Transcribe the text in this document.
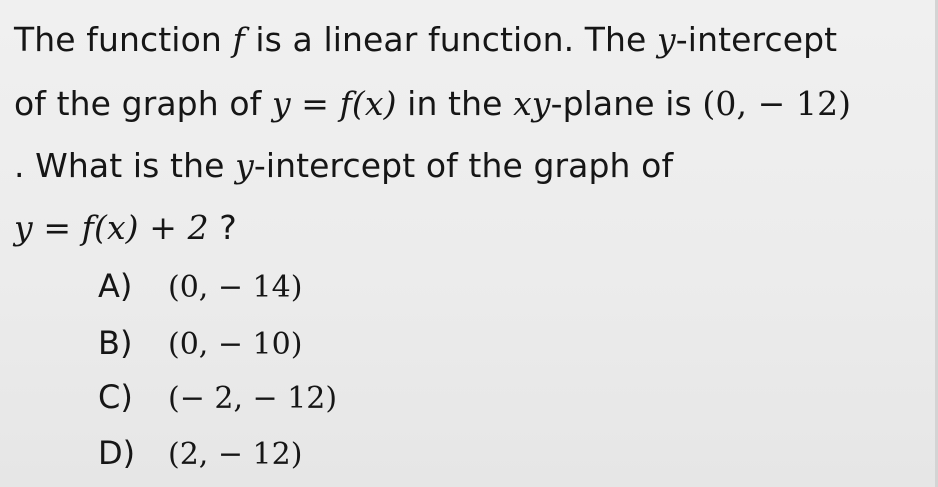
The function f is a linear function. The y-intercept
of the graph of y = f(x) in the xy-plane is (0, − 12)
. What is the y-intercept of the graph of
y = f(x) + 2 ?
A) (0, − 14)
B) (0, − 10)
C) (− 2, − 12)
D) (2, − 12)
